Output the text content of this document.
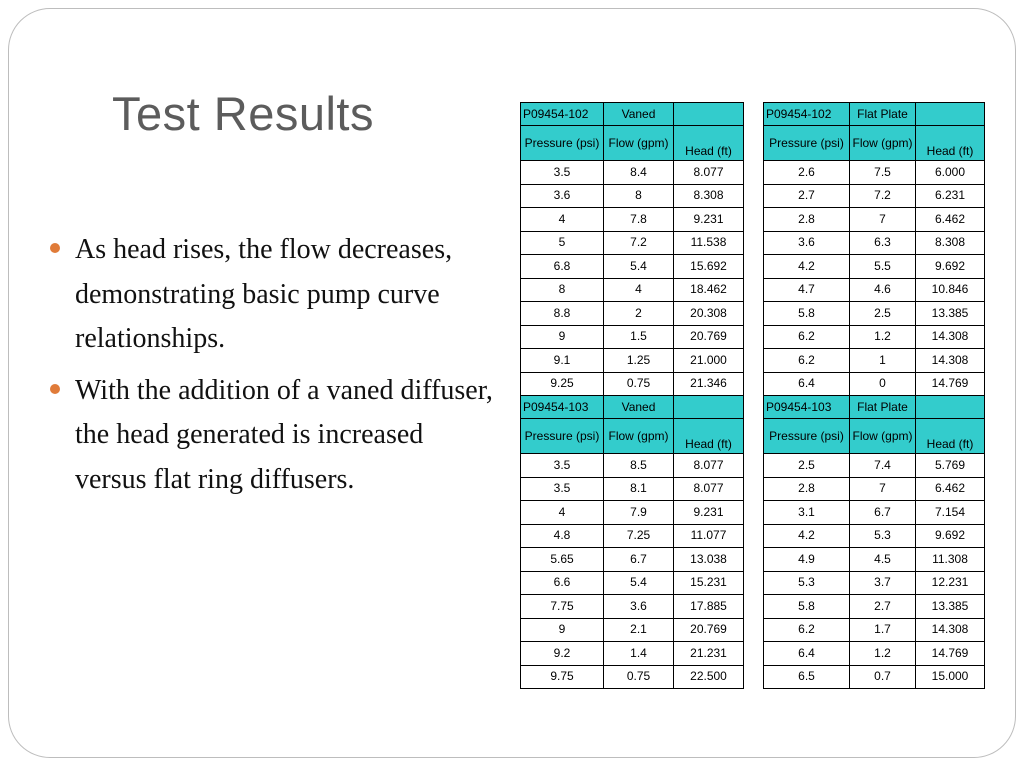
Test Results
As head rises, the flow decreases, demonstrating basic pump curve relationships.
With the addition of a vaned diffuser, the head generated is increased versus flat ring diffusers.
P09454-102	Vaned	
Pressure (psi)	Flow (gpm)	Head (ft)
3.5	8.4	8.077
3.6	8	8.308
4	7.8	9.231
5	7.2	11.538
6.8	5.4	15.692
8	4	18.462
8.8	2	20.308
9	1.5	20.769
9.1	1.25	21.000
9.25	0.75	21.346
P09454-103	Vaned	
Pressure (psi)	Flow (gpm)	Head (ft)
3.5	8.5	8.077
3.5	8.1	8.077
4	7.9	9.231
4.8	7.25	11.077
5.65	6.7	13.038
6.6	5.4	15.231
7.75	3.6	17.885
9	2.1	20.769
9.2	1.4	21.231
9.75	0.75	22.500
P09454-102	Flat Plate	
Pressure (psi)	Flow (gpm)	Head (ft)
2.6	7.5	6.000
2.7	7.2	6.231
2.8	7	6.462
3.6	6.3	8.308
4.2	5.5	9.692
4.7	4.6	10.846
5.8	2.5	13.385
6.2	1.2	14.308
6.2	1	14.308
6.4	0	14.769
P09454-103	Flat Plate	
Pressure (psi)	Flow (gpm)	Head (ft)
2.5	7.4	5.769
2.8	7	6.462
3.1	6.7	7.154
4.2	5.3	9.692
4.9	4.5	11.308
5.3	3.7	12.231
5.8	2.7	13.385
6.2	1.7	14.308
6.4	1.2	14.769
6.5	0.7	15.000
